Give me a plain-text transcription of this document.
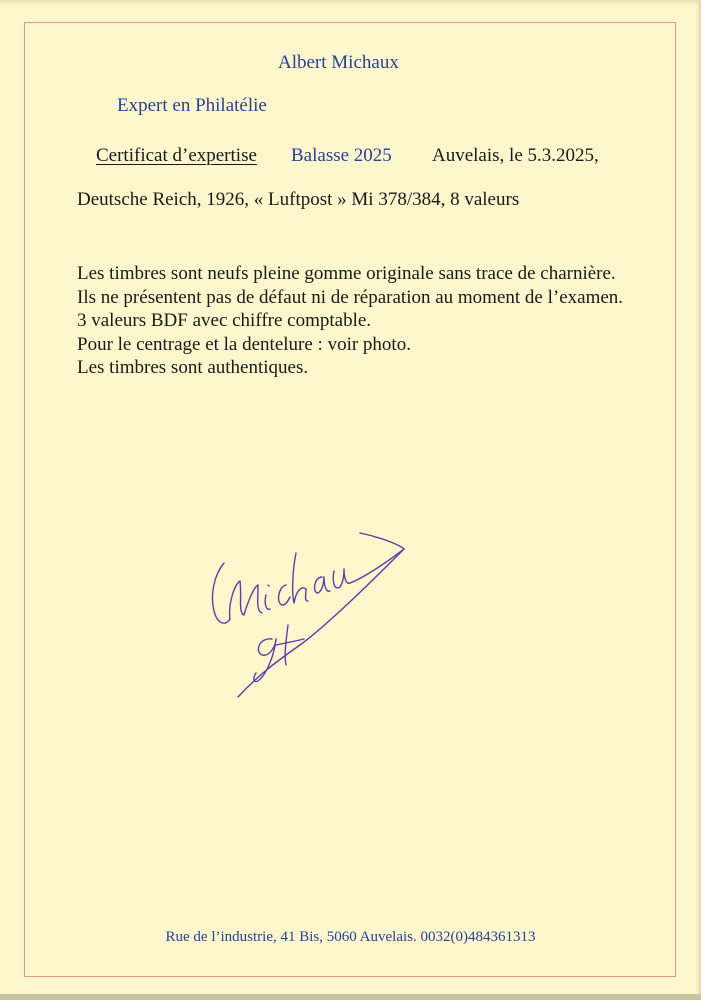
Albert Michaux
Expert en Philatélie
Certificat d’expertise Balasse 2025 Auvelais, le 5.3.2025,
Deutsche Reich, 1926, « Luftpost » Mi 378/384, 8 valeurs
Les timbres sont neufs pleine gomme originale sans trace de charnière.
Ils ne présentent pas de défaut ni de réparation au moment de l’examen.
3 valeurs BDF avec chiffre comptable.
Pour le centrage et la dentelure : voir photo.
Les timbres sont authentiques.
Rue de l’industrie, 41 Bis, 5060 Auvelais. 0032(0)484361313
